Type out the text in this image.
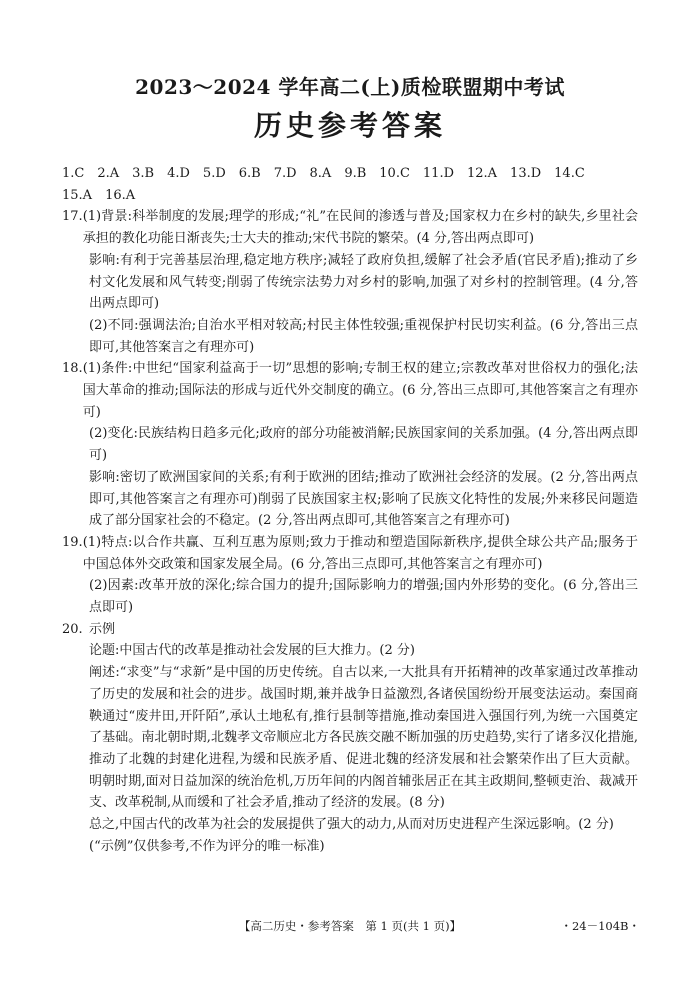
2023～2024 学年高二(上)质检联盟期中考试
历史参考答案

1.C　2.A　3.B　4.D　5.D　6.B　7.D　8.A　9.B　10.C　11.D　12.A　13.D　14.C

15.A　16.A

17. (1)背景:科举制度的发展;理学的形成;“礼”在民间的渗透与普及;国家权力在乡村的缺失,乡里社会承担的教化功能日渐丧失;士大夫的推动;宋代书院的繁荣。(4 分,答出两点即可)

影响:有利于完善基层治理,稳定地方秩序;减轻了政府负担,缓解了社会矛盾(官民矛盾);推动了乡村文化发展和风气转变;削弱了传统宗法势力对乡村的影响,加强了对乡村的控制管理。(4 分,答出两点即可)

(2)不同:强调法治;自治水平相对较高;村民主体性较强;重视保护村民切实利益。(6 分,答出三点即可,其他答案言之有理亦可)

18. (1)条件:中世纪“国家利益高于一切”思想的影响;专制王权的建立;宗教改革对世俗权力的强化;法国大革命的推动;国际法的形成与近代外交制度的确立。(6 分,答出三点即可,其他答案言之有理亦可)

(2)变化:民族结构日趋多元化;政府的部分功能被消解;民族国家间的关系加强。(4 分,答出两点即可)

影响:密切了欧洲国家间的关系;有利于欧洲的团结;推动了欧洲社会经济的发展。(2 分,答出两点即可,其他答案言之有理亦可)削弱了民族国家主权;影响了民族文化特性的发展;外来移民问题造成了部分国家社会的不稳定。(2 分,答出两点即可,其他答案言之有理亦可)

19. (1)特点:以合作共赢、互利互惠为原则;致力于推动和塑造国际新秩序,提供全球公共产品;服务于中国总体外交政策和国家发展全局。(6 分,答出三点即可,其他答案言之有理亦可)

(2)因素:改革开放的深化;综合国力的提升;国际影响力的增强;国内外形势的变化。(6 分,答出三点即可)

20. 示例

论题:中国古代的改革是推动社会发展的巨大推力。(2 分)

阐述:“求变”与“求新”是中国的历史传统。自古以来,一大批具有开拓精神的改革家通过改革推动了历史的发展和社会的进步。战国时期,兼并战争日益激烈,各诸侯国纷纷开展变法运动。秦国商鞅通过“废井田,开阡陌”,承认土地私有,推行县制等措施,推动秦国进入强国行列,为统一六国奠定了基础。南北朝时期,北魏孝文帝顺应北方各民族交融不断加强的历史趋势,实行了诸多汉化措施,推动了北魏的封建化进程,为缓和民族矛盾、促进北魏的经济发展和社会繁荣作出了巨大贡献。明朝时期,面对日益加深的统治危机,万历年间的内阁首辅张居正在其主政期间,整顿吏治、裁减开支、改革税制,从而缓和了社会矛盾,推动了经济的发展。(8 分)

总之,中国古代的改革为社会的发展提供了强大的动力,从而对历史进程产生深远影响。(2 分)

(“示例”仅供参考,不作为评分的唯一标准)

【高二历史・参考答案　第 1 页(共 1 页)】	・24－104B・
